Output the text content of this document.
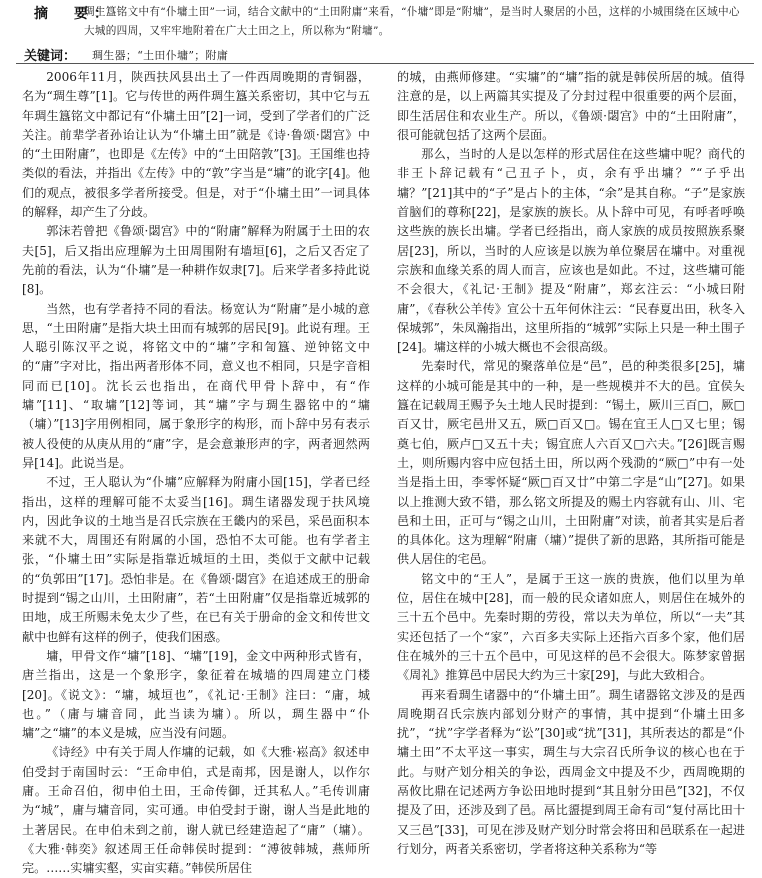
摘　要：
琱生簋铭文中有“仆墉土田”一词，结合文献中的“土田附庸”来看，“仆墉”即是“附墉”，是当时人聚居的小邑，这样的小城围绕在区域中心大城的四周，又牢牢地附着在广大土田之上，所以称为“附墉”。
关键词： 琱生器；“土田仆墉”；附庸

2006年11月，陕西扶风县出土了一件西周晚期的青铜器，名为“琱生尊”[1]。它与传世的两件琱生簋关系密切，其中它与五年琱生簋铭文中都记有“仆墉土田”[2]一词，受到了学者们的广泛关注。前辈学者孙诒让认为“仆墉土田”就是《诗·鲁颂·閟宫》中的“土田附庸”，也即是《左传》中的“土田陪敦”[3]。王国维也持类似的看法，并指出《左传》中的“敦”字当是“墉”的讹字[4]。他们的观点，被很多学者所接受。但是，对于“仆墉土田”一词具体的解释，却产生了分歧。

郭沫若曾把《鲁颂·閟宫》中的“附庸”解释为附属于土田的农夫[5]，后又指出应理解为土田周围附有墙垣[6]，之后又否定了先前的看法，认为“仆墉”是一种耕作奴隶[7]。后来学者多持此说[8]。

当然，也有学者持不同的看法。杨宽认为“附庸”是小城的意思，“土田附庸”是指大块土田而有城郭的居民[9]。此说有理。王人聪引陈汉平之说，将铭文中的“墉”字和訇簋、逆钟铭文中的“庸”字对比，指出两者形体不同，意义也不相同，只是字音相同而已[10]。沈长云也指出，在商代甲骨卜辞中，有“作墉”[11]、“取墉”[12]等词，其“墉”字与琱生器铭中的“墉（墉）”[13]字用例相同，属于象形字的构形，而卜辞中另有表示被人役使的从庚从用的“庸”字，是会意兼形声的字，两者迥然两异[14]。此说当是。

不过，王人聪认为“仆墉”应解释为附庸小国[15]，学者已经指出，这样的理解可能不太妥当[16]。琱生诸器发现于扶风境内，因此争议的土地当是召氏宗族在王畿内的采邑，采邑面积本来就不大，周围还有附属的小国，恐怕不太可能。也有学者主张，“仆墉土田”实际是指靠近城垣的土田，类似于文献中记载的“负郭田”[17]。恐怕非是。在《鲁颂·閟宫》在追述成王的册命时提到“锡之山川，土田附庸”，若“土田附庸”仅是指靠近城郭的田地，成王所赐未免太少了些，在已有关于册命的金文和传世文献中也鲜有这样的例子，使我们困惑。

墉，甲骨文作“墉”[18]、“墉”[19]，金文中两种形式皆有，唐兰指出，这是一个象形字，象征着在城墙的四周建立门楼[20]。《说文》：“墉，城垣也”，《礼记·王制》注曰：“庸，城也。”（庸与墉音同，此当读为墉）。所以，琱生器中“仆墉”之“墉”的本义是城，应当没有问题。

《诗经》中有关于周人作墉的记载，如《大雅·崧高》叙述申伯受封于南国时云：“王命申伯，式是南邦，因是谢人，以作尔庸。王命召伯，彻申伯土田，王命传御，迁其私人。”毛传训庸为“城”，庸与墉音同，实可通。申伯受封于谢，谢人当是此地的土著居民。在申伯未到之前，谢人就已经建造起了“庸”（墉）。《大雅·韩奕》叙述周王任命韩侯时提到：“溥彼韩城，燕师所完。……实墉实壑，实亩实藉。”韩侯所居住

的城，由燕师修建。“实墉”的“墉”指的就是韩侯所居的城。值得注意的是，以上两篇其实提及了分封过程中很重要的两个层面，即生活居住和农业生产。所以，《鲁颂·閟宫》中的“土田附庸”，很可能就包括了这两个层面。

那么，当时的人是以怎样的形式居住在这些墉中呢？商代的非王卜辞记载有“己丑子卜，贞，余有乎出墉？”“子乎出墉？”[21]其中的“子”是占卜的主体，“余”是其自称。“子”是家族首脑们的尊称[22]，是家族的族长。从卜辞中可见，有呼者呼唤这些族的族长出墉。学者已经指出，商人家族的成员按照族系聚居[23]，所以，当时的人应该是以族为单位聚居在墉中。对重视宗族和血缘关系的周人而言，应该也是如此。不过，这些墉可能不会很大，《礼记·王制》提及“附庸”，郑玄注云：“小城曰附庸”，《春秋公羊传》宣公十五年何休注云：“民春夏出田，秋冬入保城郭”，朱凤瀚指出，这里所指的“城郭”实际上只是一种土围子[24]。墉这样的小城大概也不会很高级。

先秦时代，常见的聚落单位是“邑”，邑的种类很多[25]，墉这样的小城可能是其中的一种，是一些规模并不大的邑。宜侯夨簋在记载周王赐予夨土地人民时提到：“锡土，厥川三百□，厥□百又廿，厥宅邑卅又五，厥□百又□。锡在宜王人□又七里；锡奠七伯，厥卢□又五十夫；锡宜庶人六百又□六夫。”[26]既言赐土，则所赐内容中应包括土田，所以两个残泐的“厥□”中有一处当是指土田，李零怀疑“厥□百又廿”中第二字是“山”[27]。如果以上推测大致不错，那么铭文所提及的赐土内容就有山、川、宅邑和土田，正可与“锡之山川，土田附庸”对读，前者其实是后者的具体化。这为理解“附庸（墉）”提供了新的思路，其所指可能是供人居住的宅邑。

铭文中的“王人”，是属于王这一族的贵族，他们以里为单位，居住在城中[28]，而一般的民众诸如庶人，则居住在城外的三十五个邑中。先秦时期的劳役，常以夫为单位，所以“一夫”其实还包括了一个“家”，六百多夫实际上还指六百多个家，他们居住在城外的三十五个邑中，可见这样的邑不会很大。陈梦家曾据《周礼》推算邑中居民大约为三十家[29]，与此大致相合。

再来看琱生诸器中的“仆墉土田”。琱生诸器铭文涉及的是西周晚期召氏宗族内部划分财产的事情，其中提到“仆墉土田多扰”，“扰”字学者释为“讼”[30]或“扰”[31]，其所表达的都是“仆墉土田”不太平这一事实，琱生与大宗召氏所争议的核心也在于此。与财产划分相关的争讼，西周金文中提及不少，西周晚期的鬲攸比鼎在记述两方争讼田地时提到“其且射分田邑”[32]，不仅提及了田，还涉及到了邑。鬲比盨提到周王命有司“复付鬲比田十又三邑”[33]，可见在涉及财产划分时常会将田和邑联系在一起进行划分，两者关系密切，学者将这种关系称为“等
